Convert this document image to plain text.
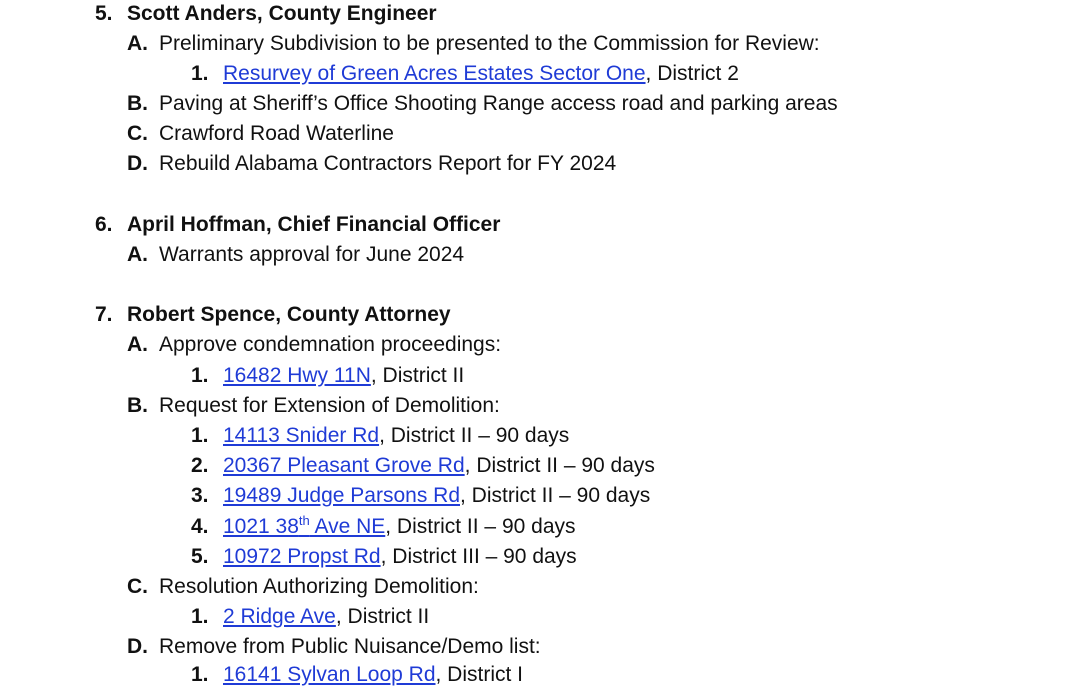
5. Scott Anders, County Engineer
A. Preliminary Subdivision to be presented to the Commission for Review:
1. Resurvey of Green Acres Estates Sector One, District 2
B. Paving at Sheriff’s Office Shooting Range access road and parking areas
C. Crawford Road Waterline
D. Rebuild Alabama Contractors Report for FY 2024
6. April Hoffman, Chief Financial Officer
A. Warrants approval for June 2024
7. Robert Spence, County Attorney
A. Approve condemnation proceedings:
1. 16482 Hwy 11N, District II
B. Request for Extension of Demolition:
1. 14113 Snider Rd, District II – 90 days
2. 20367 Pleasant Grove Rd, District II – 90 days
3. 19489 Judge Parsons Rd, District II – 90 days
4. 1021 38th Ave NE, District II – 90 days
5. 10972 Propst Rd, District III – 90 days
C. Resolution Authorizing Demolition:
1. 2 Ridge Ave, District II
D. Remove from Public Nuisance/Demo list:
1. 16141 Sylvan Loop Rd, District I
